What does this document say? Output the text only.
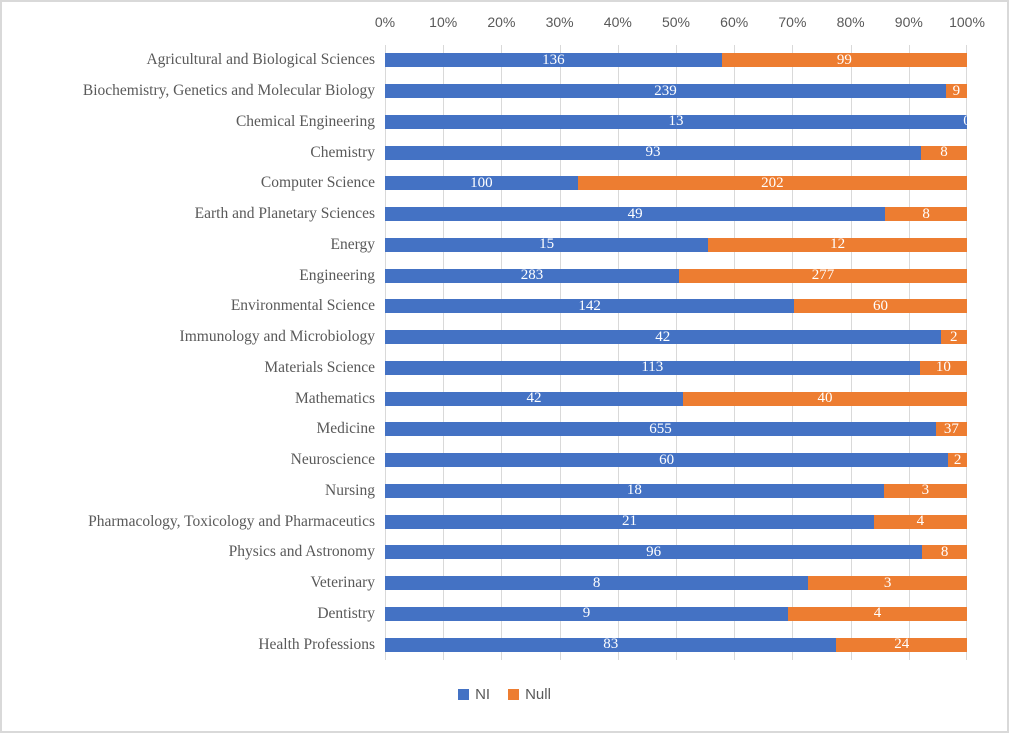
0% 10% 20% 30% 40% 50% 60% 70% 80% 90% 100%
Agricultural and Biological Sciences
Biochemistry, Genetics and Molecular Biology
Chemical Engineering
Chemistry
Computer Science
Earth and Planetary Sciences
Energy
Engineering
Environmental Science
Immunology and Microbiology
Materials Science
Mathematics
Medicine
Neuroscience
Nursing
Pharmacology, Toxicology and Pharmaceutics
Physics and Astronomy
Veterinary
Dentistry
Health Professions
136	99
239	9
13	0
93	8
100	202
49	8
15	12
283	277
142	60
42	2
113	10
42	40
655	37
60	2
18	3
21	4
96	8
8	3
9	4
83	24
NI Null
